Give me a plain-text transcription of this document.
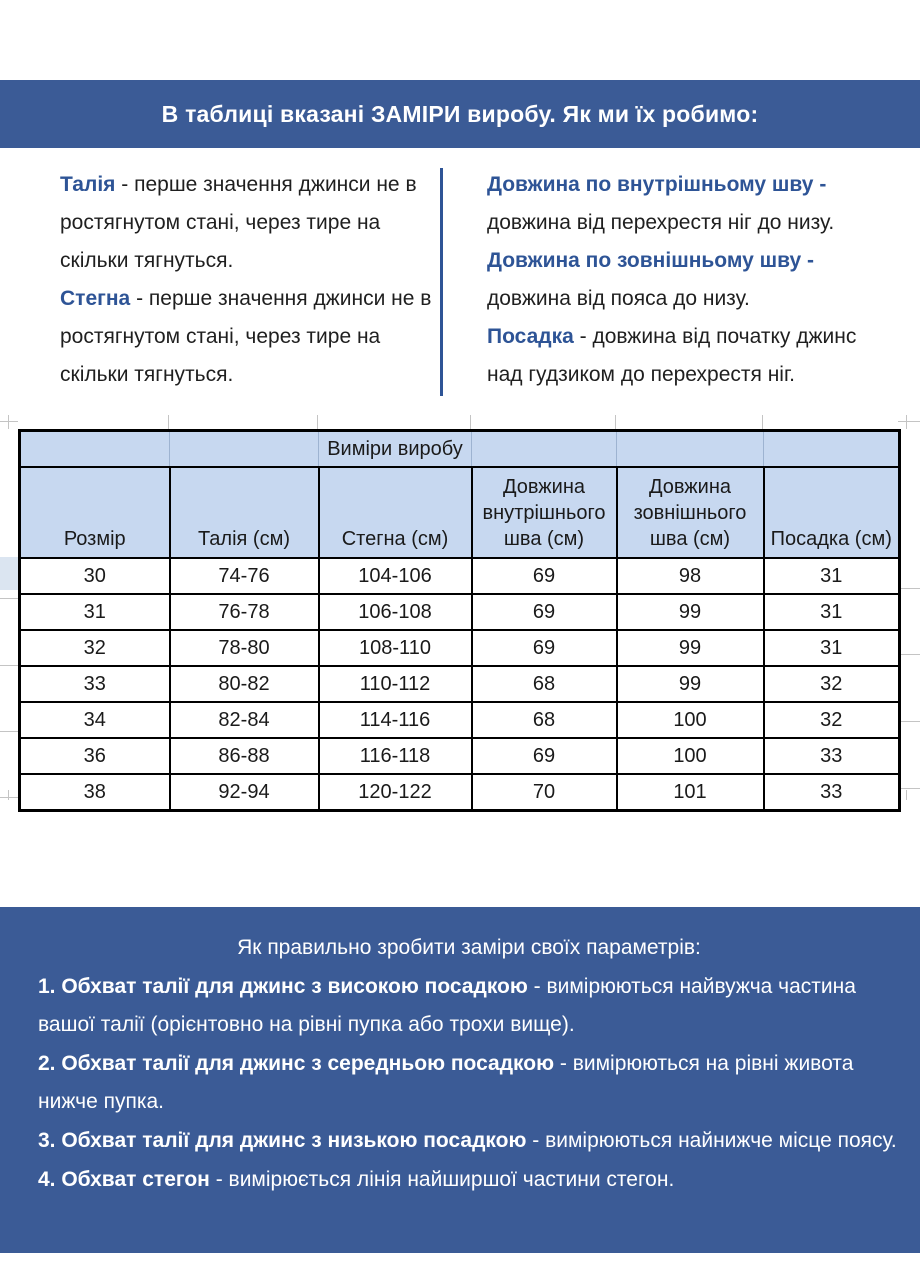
В таблиці вказані ЗАМІРИ виробу. Як ми їх робимо:

Талія - перше значення джинси не в ростягнутом стані, через тире на скільки тягнуться.

Стегна - перше значення джинси не в ростягнутом стані, через тире на скільки тягнуться.

Довжина по внутрішньому шву -
довжина від перехрестя ніг до низу.

Довжина по зовнішньому шву -
довжина від пояса до низу.

Посадка - довжина від початку джинс над гудзиком до перехрестя ніг.

		Виміри виробу			
Розмір	Талія (см)	Стегна (см)	Довжина внутрішнього шва (см)	Довжина зовнішнього шва (см)	Посадка (см)
30	74-76	104-106	69	98	31
31	76-78	106-108	69	99	31
32	78-80	108-110	69	99	31
33	80-82	110-112	68	99	32
34	82-84	114-116	68	100	32
36	86-88	116-118	69	100	33
38	92-94	120-122	70	101	33

Як правильно зробити заміри своїх параметрів:

1. Обхват талії для джинс з високою посадкою - вимірюються найвужча частина вашої талії (орієнтовно на рівні пупка або трохи вище).

2. Обхват талії для джинс з середньою посадкою - вимірюються на рівні живота нижче пупка.

3. Обхват талії для джинс з низькою посадкою - вимірюються найнижче місце поясу.

4. Обхват стегон - вимірюється лінія найширшої частини стегон.
